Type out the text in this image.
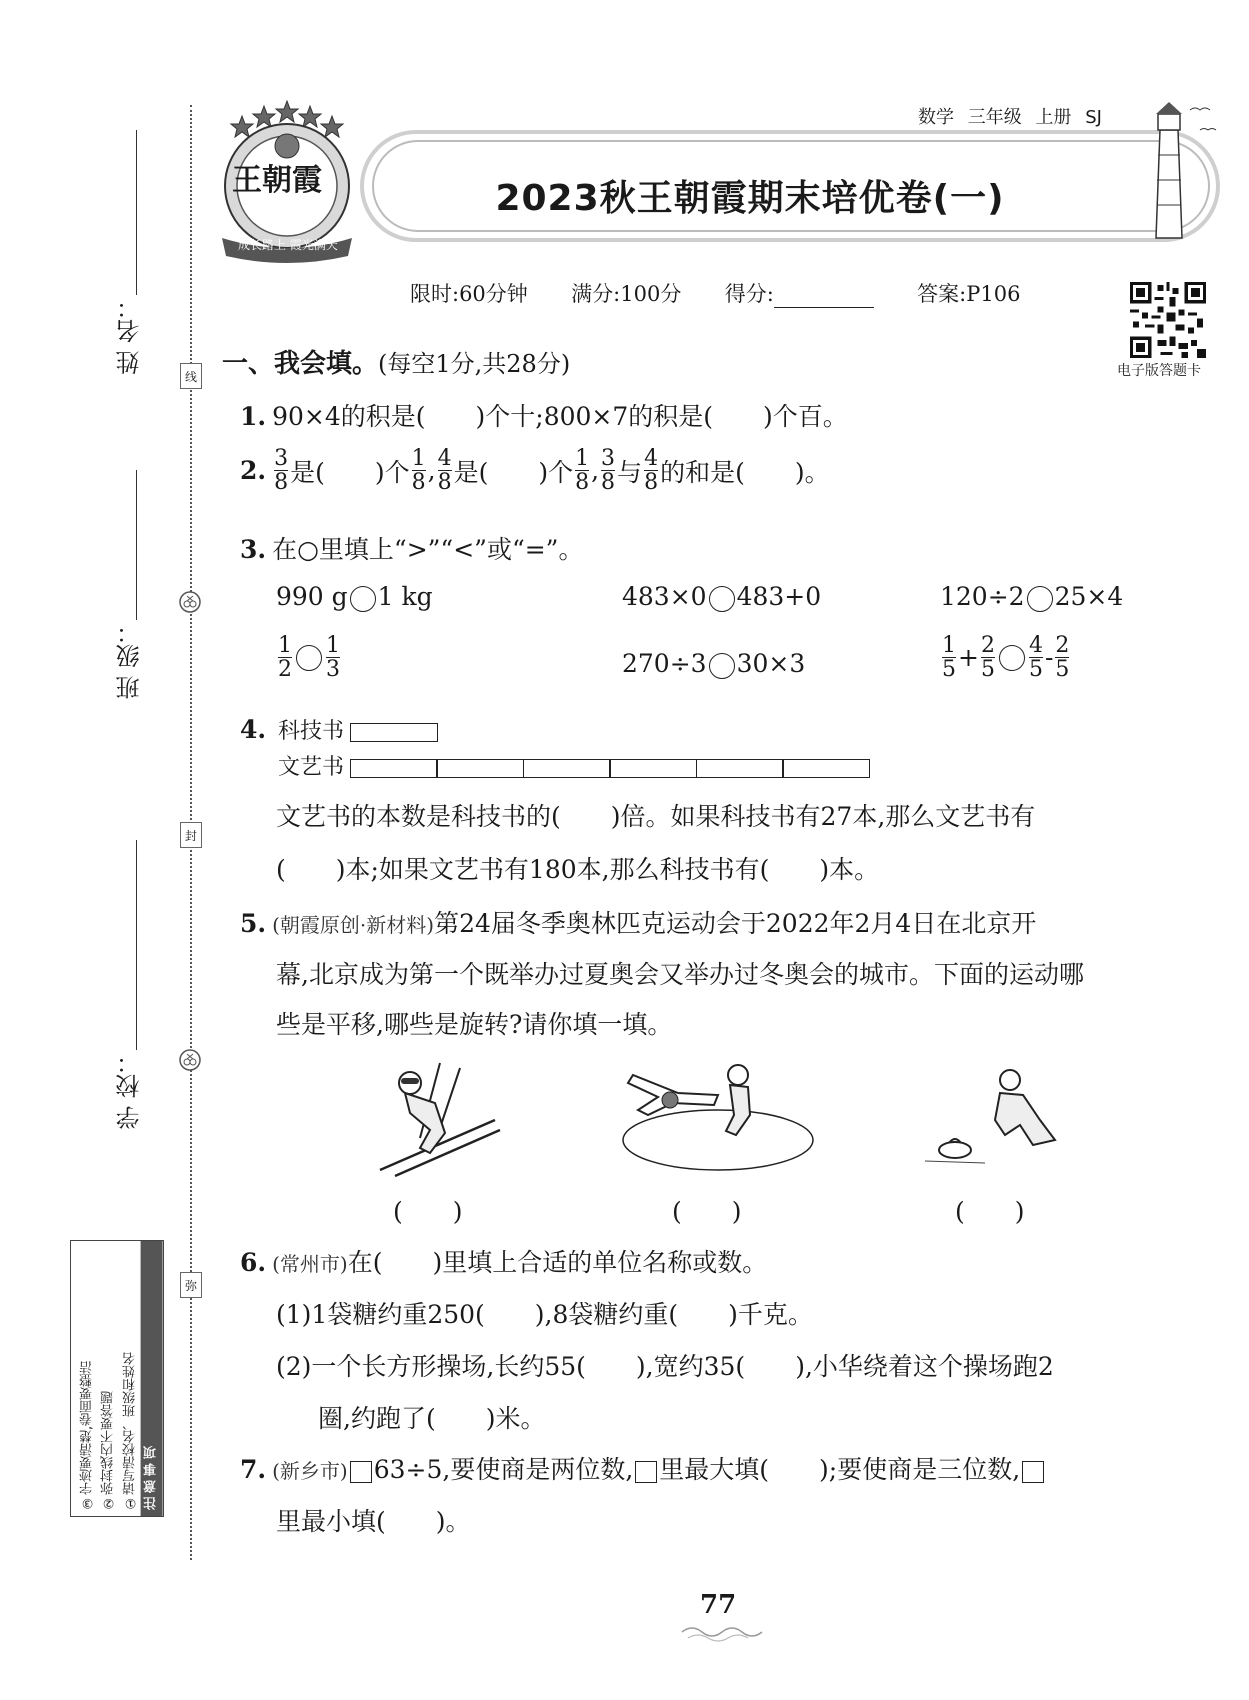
姓 名：
班 级：
学 校：
线
封
弥
注意事项
①请写清校名、班级和姓名
②弥封线内不要答题
③字迹要清楚,卷面要整洁
数学 三年级 上册 SJ
王朝霞
成长路上 霞光满天
2023秋王朝霞期末培优卷(一)
限时:60分钟 满分:100分 得分:	答案:P106
电子版答题卡
一、我会填。(每空1分,共28分)
1. 90×4的积是(　　)个十;800×7的积是(　　)个百。
2. $\frac{3}{8}$ 是(　　)个 $\frac{1}{8}$ , $\frac{4}{8}$ 是(　　)个 $\frac{1}{8}$ , $\frac{3}{8}$ 与 $\frac{4}{8}$ 的和是(　　)。
3. 在○里填上“>”“<”或“=”。
990 g 1 kg	483×0 483+0	120÷2 25×4
$\frac{1}{2} \frac{1}{3}$	270÷3 30×3	$\frac{1}{5} + \frac{2}{5} \frac{4}{5} - \frac{2}{5}$
4. 科技书
文艺书
文艺书的本数是科技书的(　　)倍。如果科技书有27本,那么文艺书有
(　　)本;如果文艺书有180本,那么科技书有(　　)本。
5. (朝霞原创·新材料)第24届冬季奥林匹克运动会于2022年2月4日在北京开
幕,北京成为第一个既举办过夏奥会又举办过冬奥会的城市。下面的运动哪
些是平移,哪些是旋转?请你填一填。
(　　)	(　　)	(　　)
6. (常州市)在(　　)里填上合适的单位名称或数。
(1)1袋糖约重250(　　),8袋糖约重(　　)千克。
(2)一个长方形操场,长约55(　　),宽约35(　　),小华绕着这个操场跑2
圈,约跑了(　　)米。
7. (新乡市) 63÷5,要使商是两位数, 里最大填(　　);要使商是三位数,
里最小填(　　)。
77
